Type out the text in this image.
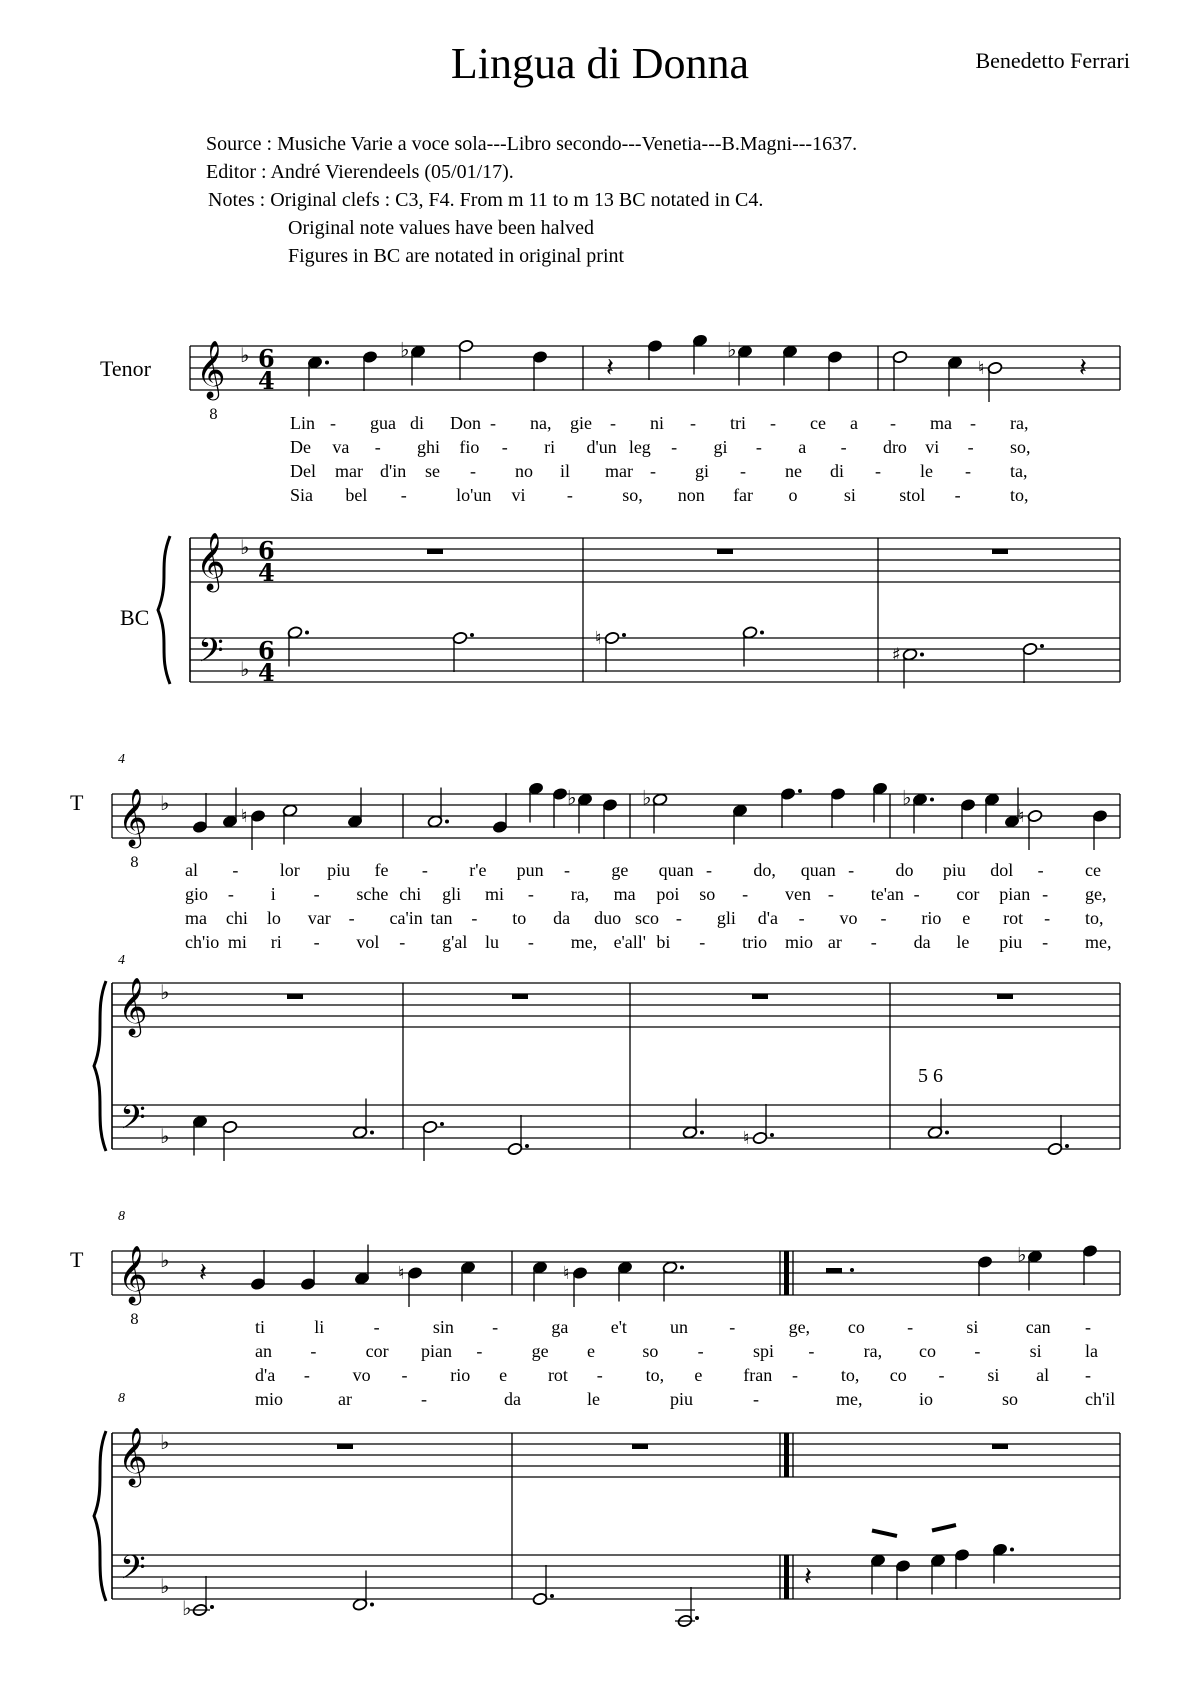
Lingua di Donna	Benedetto Ferrari
Source : Musiche Varie a voce sola---Libro secondo---Venetia---B.Magni---1637.
Editor : André Vierendeels (05/01/17).
Notes : Original clefs : C3, F4. From m 11 to m 13 BC notated in C4.
Original note values have been halved
Figures in BC are notated in original print
Tenor
BC
T
T
4
4
8
8
5 6
𝄞
8
𝄞
𝄢
♭
♭
♭
6
4
6
4
6
4
♭
𝄽
♭
♮	𝄽
♮
♯
𝄞
8
𝄞
𝄢
♭
♭
♭
♮
♭	♭	♭
♮
♮
𝄞
8
𝄞
𝄢
♭
♭
♭
𝄽	♮	♮
♭
♭
𝄽
Lin - gua di Don - na, gie - ni - tri - ce a - ma - ra,
De va - ghi fio - ri d'un leg - gi - a - dro vi - so,
Del mar d'in se - no il mar - gi - ne di - le - ta,
Sia bel -	lo'un vi -	so, non far o	si stol -	to,
al - lor piu fe - r'e pun - ge quan - do, quan - do piu dol - ce
gio - i - sche chi gli mi - ra, ma poi so - ven - te'an - cor pian - ge,
ma chi lo var - ca'in tan - to da duo sco - gli d'a - vo - rio e rot - to,
ch'io mi ri - vol - g'al lu - me, e'all' bi - trio mio ar - da le piu - me,
ti	li	-	sin -	ga e't un -	ge, co -	si	can -
an -	cor pian -	ge e	so -	spi -	ra, co -	si la
d'a - vo - rio e rot - to, e fran - to, co - si al -
mio	ar	-	da	le	piu	-	me,	io	so	ch'il
